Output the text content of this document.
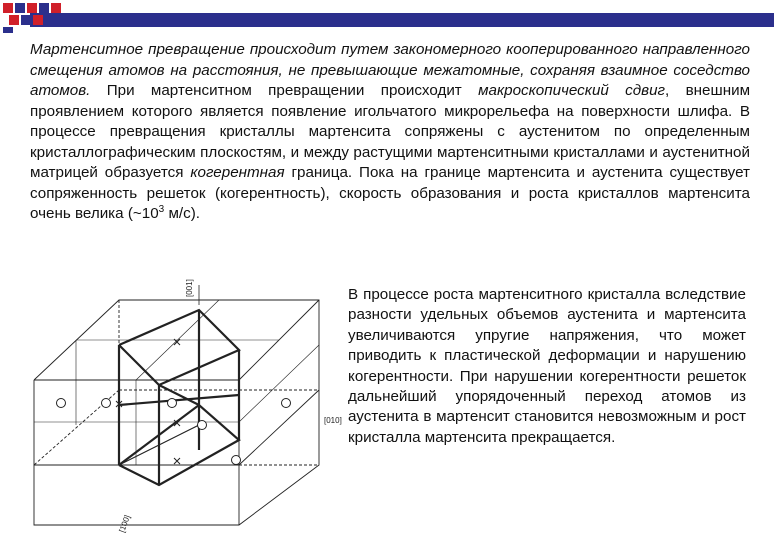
Мартенситное превращение происходит путем закономерного кооперированного направленного смещения атомов на расстояния, не превышающие межатомные, сохраняя взаимное соседство атомов. При мартенситном превращении происходит макроскопический сдвиг, внешним проявлением которого является появление игольчатого микрорельефа на поверхности шлифа. В процессе превращения кристаллы мартенсита сопряжены с аустенитом по определенным кристаллографическим плоскостям, и между растущими мартенситными кристаллами и аустенитной матрицей образуется когерентная граница. Пока на границе мартенсита и аустенита существует сопряженность решеток (когерентность), скорость образования и роста кристаллов мартенсита очень велика ($\sim 10^3$ м/с).

В процессе роста мартенситного кристалла вследствие разности удельных объемов аустенита и мартенсита увеличиваются упругие напряжения, что может приводить к пластической деформации и нарушению когерентности. При нарушении когерентности решеток дальнейший упорядоченный переход атомов из аустенита в мартенсит становится невозможным и рост кристалла мартенсита прекращается.

[001]
[010]
[100]
